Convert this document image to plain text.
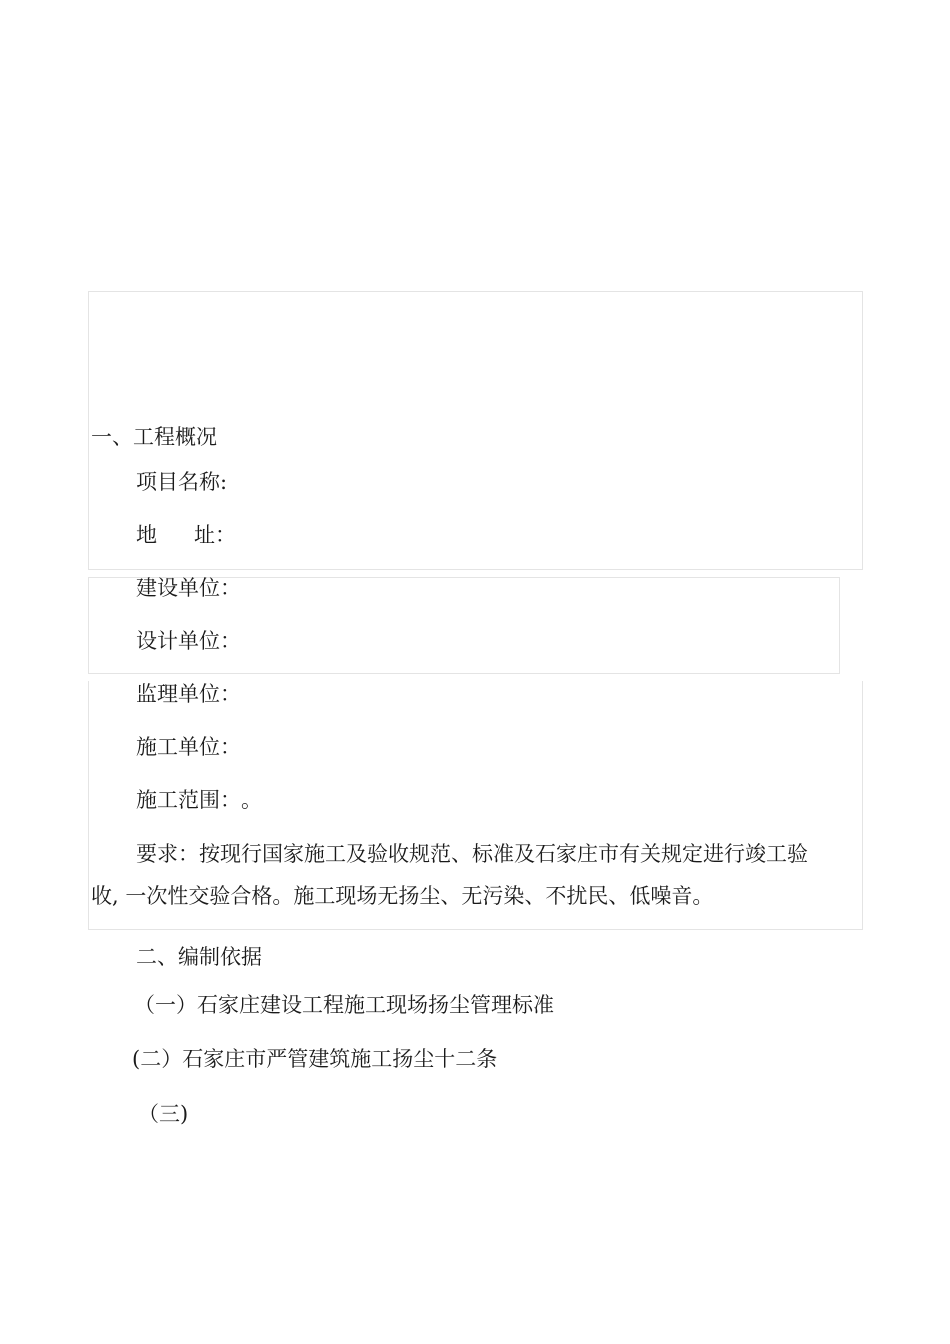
一、工程概况
项目名称:
地 址：
建设单位：
设计单位：
监理单位：
施工单位：
施工范围： 。
要求：按现行国家施工及验收规范、标准及石家庄市有关规定进行竣工验
收, 一次性交验合格。施工现场无扬尘、无污染、不扰民、低噪音。
二、编制依据
（一）石家庄建设工程施工现场扬尘管理标准
(二）石家庄市严管建筑施工扬尘十二条
（三)
